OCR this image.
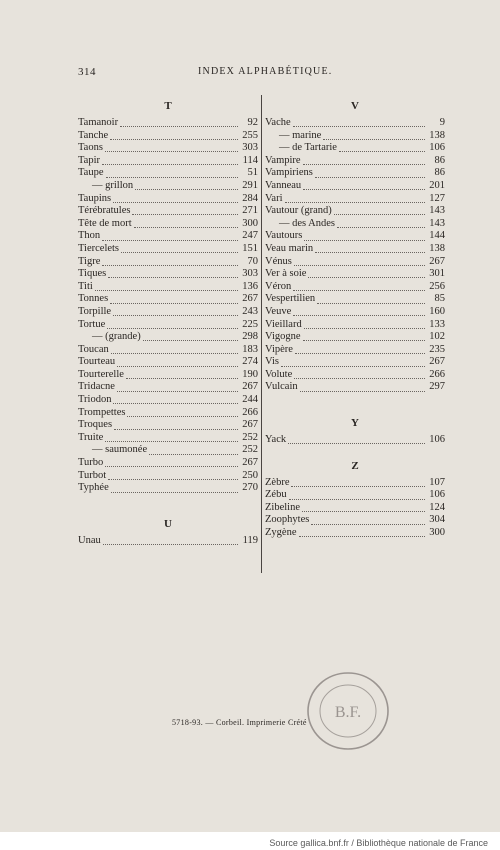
314	INDEX ALPHABÉTIQUE.
T
Tamanoir	92
Tanche	255
Taons	303
Tapir	114
Taupe	51
— grillon	291
Taupins	284
Térébratules	271
Tête de mort	300
Thon	247
Tiercelets	151
Tigre	70
Tiques	303
Titi	136
Tonnes	267
Torpille	243
Tortue	225
— (grande)	298
Toucan	183
Tourteau	274
Tourterelle	190
Tridacne	267
Triodon	244
Trompettes	266
Troques	267
Truite	252
— saumonée	252
Turbo	267
Turbot	250
Typhée	270
U
Unau	119
V
Vache	9
— marine	138
— de Tartarie	106
Vampire	86
Vampiriens	86
Vanneau	201
Vari	127
Vautour (grand)	143
— des Andes	143
Vautours	144
Veau marin	138
Vénus	267
Ver à soie	301
Véron	256
Vespertilien	85
Veuve	160
Vieillard	133
Vigogne	102
Vipère	235
Vis	267
Volute	266
Vulcain	297
Y
Yack	106
Z
Zèbre	107
Zébu	106
Zibeline	124
Zoophytes	304
Zygène	300
5718-93. — Corbeil. Imprimerie Crété
B.F.
Source gallica.bnf.fr / Bibliothèque nationale de France
